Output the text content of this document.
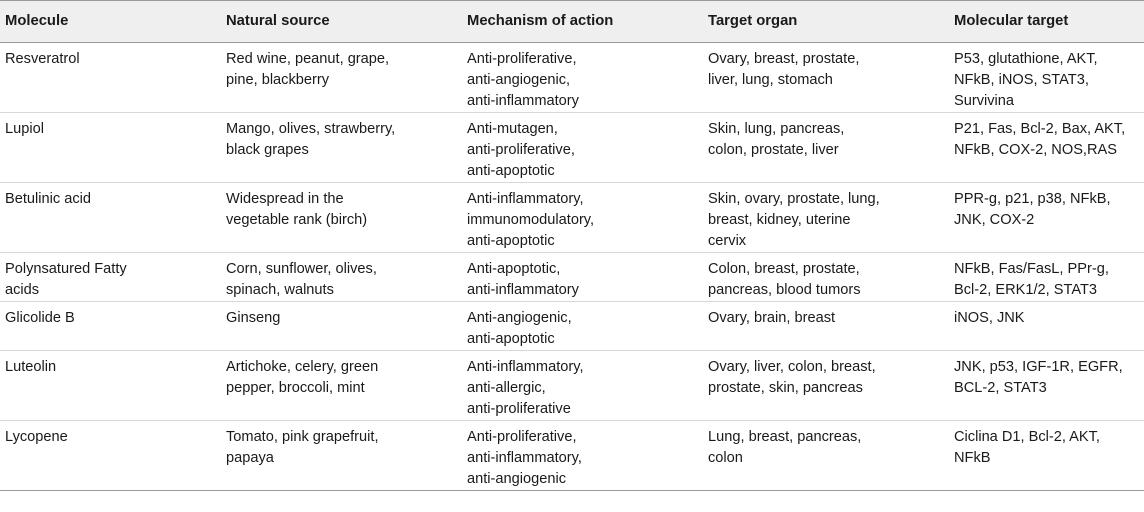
Molecule	Natural source	Mechanism of action	Target organ	Molecular target

Resveratrol	Red wine, peanut, grape,
pine, blackberry	Anti-proliferative,
anti-angiogenic,
anti-inflammatory	Ovary, breast, prostate,
liver, lung, stomach	P53, glutathione, AKT,
NFkB, iNOS, STAT3,
Survivina

Lupiol	Mango, olives, strawberry,
black grapes	Anti-mutagen,
anti-proliferative,
anti-apoptotic	Skin, lung, pancreas,
colon, prostate, liver	P21, Fas, Bcl-2, Bax, AKT,
NFkB, COX-2, NOS,RAS

Betulinic acid	Widespread in the
vegetable rank (birch)	Anti-inflammatory,
immunomodulatory,
anti-apoptotic	Skin, ovary, prostate, lung,
breast, kidney, uterine
cervix	PPR-g, p21, p38, NFkB,
JNK, COX-2

Polynsatured Fatty
acids	Corn, sunflower, olives,
spinach, walnuts	Anti-apoptotic,
anti-inflammatory	Colon, breast, prostate,
pancreas, blood tumors	NFkB, Fas/FasL, PPr-g,
Bcl-2, ERK1/2, STAT3

Glicolide B	Ginseng	Anti-angiogenic,
anti-apoptotic	Ovary, brain, breast	iNOS, JNK

Luteolin	Artichoke, celery, green
pepper, broccoli, mint	Anti-inflammatory,
anti-allergic,
anti-proliferative	Ovary, liver, colon, breast,
prostate, skin, pancreas	JNK, p53, IGF-1R, EGFR,
BCL-2, STAT3

Lycopene	Tomato, pink grapefruit,
papaya	Anti-proliferative,
anti-inflammatory,
anti-angiogenic	Lung, breast, pancreas,
colon	Ciclina D1, Bcl-2, AKT,
NFkB
